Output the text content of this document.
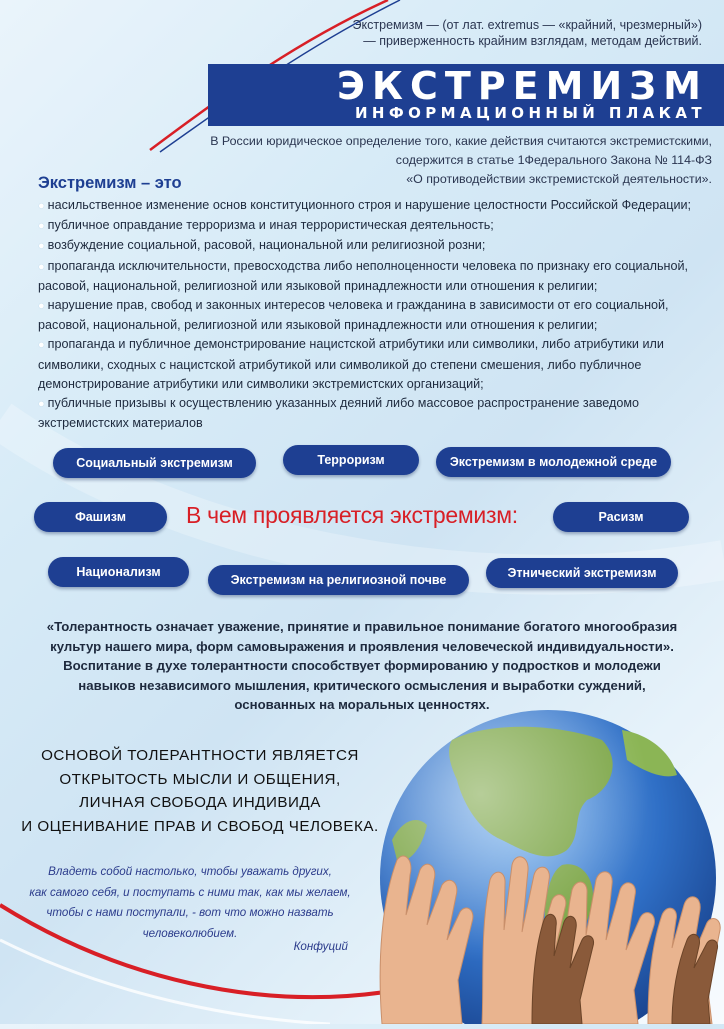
Экстремизм — (от лат. extremus — «крайний, чрезмерный»)
— приверженность крайним взглядам, методам действий.
ЭКСТРЕМИЗМ
ИНФОРМАЦИОННЫЙ ПЛАКАТ
В России юридическое определение того, какие действия считаются экстремистскими,
содержится в статье 1Федерального Закона № 114-ФЗ
«О противодействии экстремистской деятельности».
Экстремизм – это
● насильственное изменение основ конституционного строя и нарушение целостности Российской Федерации;
● публичное оправдание терроризма и иная террористическая деятельность;
● возбуждение социальной, расовой, национальной или религиозной розни;
● пропаганда исключительности, превосходства либо неполноценности человека по признаку его социальной, расовой, национальной, религиозной или языковой принадлежности или отношения к религии;
● нарушение прав, свобод и законных интересов человека и гражданина в зависимости от его социальной, расовой, национальной, религиозной или языковой принадлежности или отношения к религии;
● пропаганда и публичное демонстрирование нацистской атрибутики или символики, либо атрибутики или символики, сходных с нацистской атрибутикой или символикой до степени смешения, либо публичное демонстрирование атрибутики или символики экстремистских организаций;
● публичные призывы к осуществлению указанных деяний либо массовое распространение заведомо экстремистских материалов
Социальный экстремизм	Терроризм	Экстремизм в молодежной среде
Фашизм	Расизм
Национализм
Экстремизм на религиозной почве	Этнический экстремизм
В чем проявляется экстремизм:
«Толерантность означает уважение, принятие и правильное понимание богатого многообразия
культур нашего мира, форм самовыражения и проявления человеческой индивидуальности».
Воспитание в духе толерантности способствует формированию у подростков и молодежи
навыков независимого мышления, критического осмысления и выработки суждений,
основанных на моральных ценностях.
ОСНОВОЙ ТОЛЕРАНТНОСТИ ЯВЛЯЕТСЯ
ОТКРЫТОСТЬ МЫСЛИ И ОБЩЕНИЯ,
ЛИЧНАЯ СВОБОДА ИНДИВИДА
И ОЦЕНИВАНИЕ ПРАВ И СВОБОД ЧЕЛОВЕКА.
Владеть собой настолько, чтобы уважать других,
как самого себя, и поступать с ними так, как мы желаем,
чтобы с нами поступали, - вот что можно назвать
человеколюбием.
Конфуций
